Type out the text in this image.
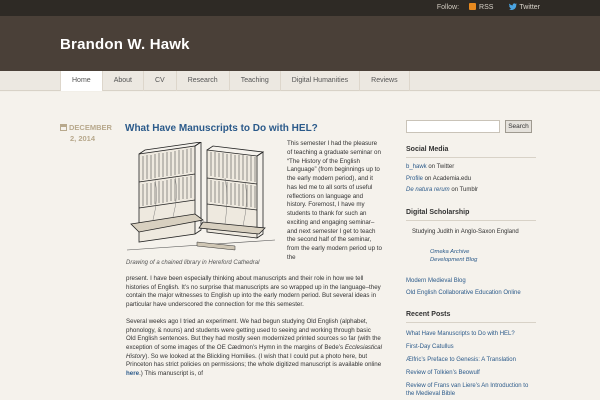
Follow:	RSS	Twitter
Brandon W. Hawk
Home	About	CV	Research	Teaching	Digital Humanities	Reviews
DECEMBER
2, 2014
What Have Manuscripts to Do with HEL?
Drawing of a chained library in Hereford Cathedral
This semester I had the pleasure of teaching a graduate seminar on “The History of the English Language” (from beginnings up to the early modern period), and it has led me to all sorts of useful reflections on language and history. Foremost, I have my students to thank for such an exciting and engaging seminar–and next semester I get to teach the second half of the seminar, from the early modern period up to the

present. I have been especially thinking about manuscripts and their role in how we tell histories of English. It’s no surprise that manuscripts are so wrapped up in the language–they contain the major witnesses to English up into the early modern period. But several ideas in particular have underscored the connection for me this semester.

Several weeks ago I tried an experiment. We had begun studying Old English (alphabet, phonology, & nouns) and students were getting used to seeing and working through basic Old English sentences. But they had mostly seen modernized printed sources so far (with the exception of some images of the OE Cædmon’s Hymn in the margins of Bede’s Ecclesiastical History). So we looked at the Blickling Homilies. (I wish that I could put a photo here, but Princeton has strict policies on permissions; the whole digitized manuscript is available online here.) This manuscript is, of

Search
Social Media
b_hawk on Twitter
Profile on Academia.edu
De natura rerum on Tumblr
Digital Scholarship
Studying Judith in Anglo-Saxon England
Omeka Archive
Development Blog
Modern Medieval Blog
Old English Collaborative Education Online
Recent Posts
What Have Manuscripts to Do with HEL?
First-Day Catullus
Ælfric’s Preface to Genesis: A Translation
Review of Tolkien’s Beowulf
Review of Frans van Liere’s An Introduction to the Medieval Bible
